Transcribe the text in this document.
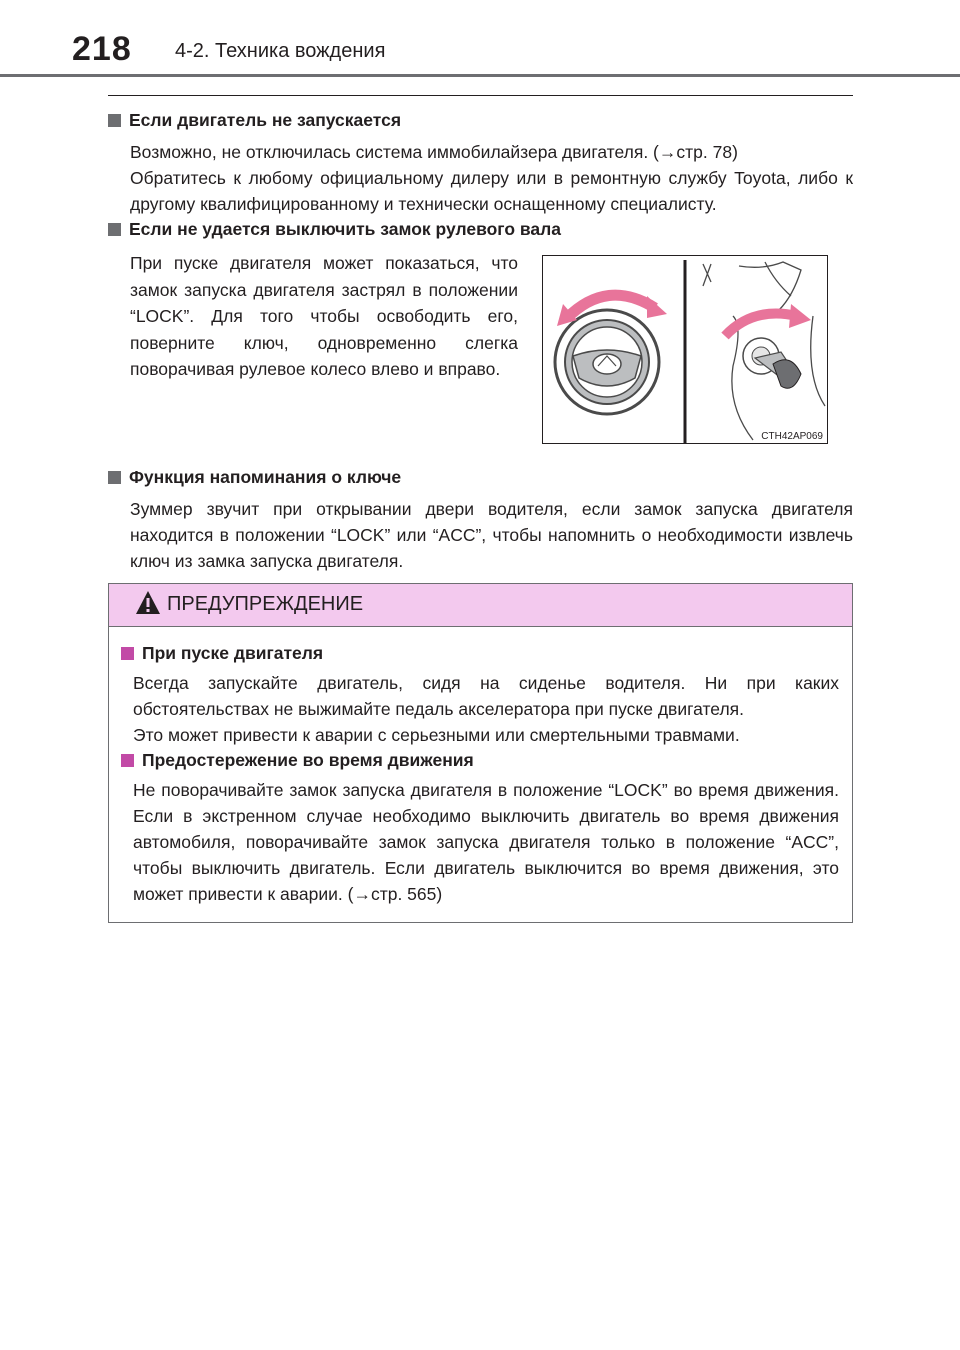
218 4-2. Техника вождения
Если двигатель не запускается

Возможно, не отключилась система иммобилайзера двигателя. (→стр. 78)

Обратитесь к любому официальному дилеру или в ремонтную службу Toyota, либо к другому квалифицированному и технически оснащенному специалисту.

Если не удается выключить замок рулевого вала
При пуске двигателя может показаться, что замок запуска двигателя застрял в положении “LOCK”. Для того чтобы освободить его, поверните ключ, одновременно слегка поворачивая рулевое колесо влево и вправо.
CTH42AP069
Функция напоминания о ключе

Зуммер звучит при открывании двери водителя, если замок запуска двигателя находится в положении “LOCK” или “ACC”, чтобы напомнить о необходимости извлечь ключ из замка запуска двигателя.

ПРЕДУПРЕЖДЕНИЕ
При пуске двигателя

Всегда запускайте двигатель, сидя на сиденье водителя. Ни при каких обстоятельствах не выжимайте педаль акселератора при пуске двигателя.

Это может привести к аварии с серьезными или смертельными травмами.

Предостережение во время движения

Не поворачивайте замок запуска двигателя в положение “LOCK” во время движения. Если в экстренном случае необходимо выключить двигатель во время движения автомобиля, поворачивайте замок запуска двигателя только в положение “ACC”, чтобы выключить двигатель. Если двигатель выключится во время движения, это может привести к аварии. (→стр. 565)
